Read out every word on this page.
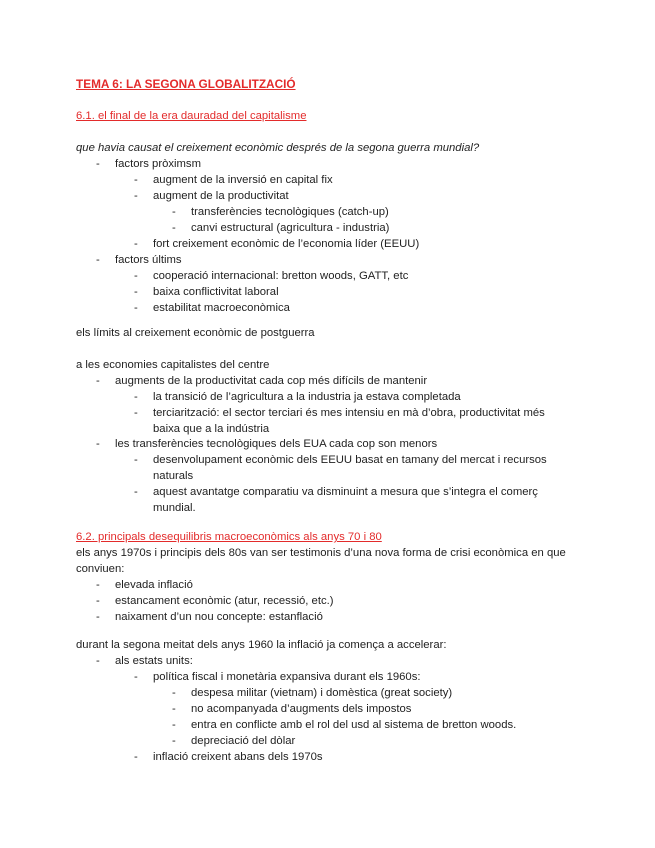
TEMA 6: LA SEGONA GLOBALITZACIÓ

6.1. el final de la era dauradad del capitalisme

que havia causat el creixement econòmic després de la segona guerra mundial?

- factors pròximsm

- augment de la inversió en capital fix

- augment de la productivitat

- transferències tecnològiques (catch-up)

- canvi estructural (agricultura - industria)

- fort creixement econòmic de l’economia líder (EEUU)

- factors últims

- cooperació internacional: bretton woods, GATT, etc

- baixa conflictivitat laboral

- estabilitat macroeconòmica

els límits al creixement econòmic de postguerra

a les economies capitalistes del centre

- augments de la productivitat cada cop més difícils de mantenir

- la transició de l’agricultura a la industria ja estava completada

- terciarització: el sector terciari és mes intensiu en mà d’obra, productivitat més baixa que a la indústria

- les transferències tecnològiques dels EUA cada cop son menors

- desenvolupament econòmic dels EEUU basat en tamany del mercat i recursos naturals

- aquest avantatge comparatiu va disminuint a mesura que s’integra el comerç mundial.

6.2. principals desequilibris macroeconòmics als anys 70 i 80

els anys 1970s i principis dels 80s van ser testimonis d’una nova forma de crisi econòmica en que conviuen:

- elevada inflació

- estancament econòmic (atur, recessió, etc.)

- naixament d’un nou concepte: estanflació

durant la segona meitat dels anys 1960 la inflació ja comença a accelerar:

- als estats units:

- política fiscal i monetària expansiva durant els 1960s:

- despesa militar (vietnam) i domèstica (great society)

- no acompanyada d’augments dels impostos

- entra en conflicte amb el rol del usd al sistema de bretton woods.

- depreciació del dòlar

- inflació creixent abans dels 1970s
